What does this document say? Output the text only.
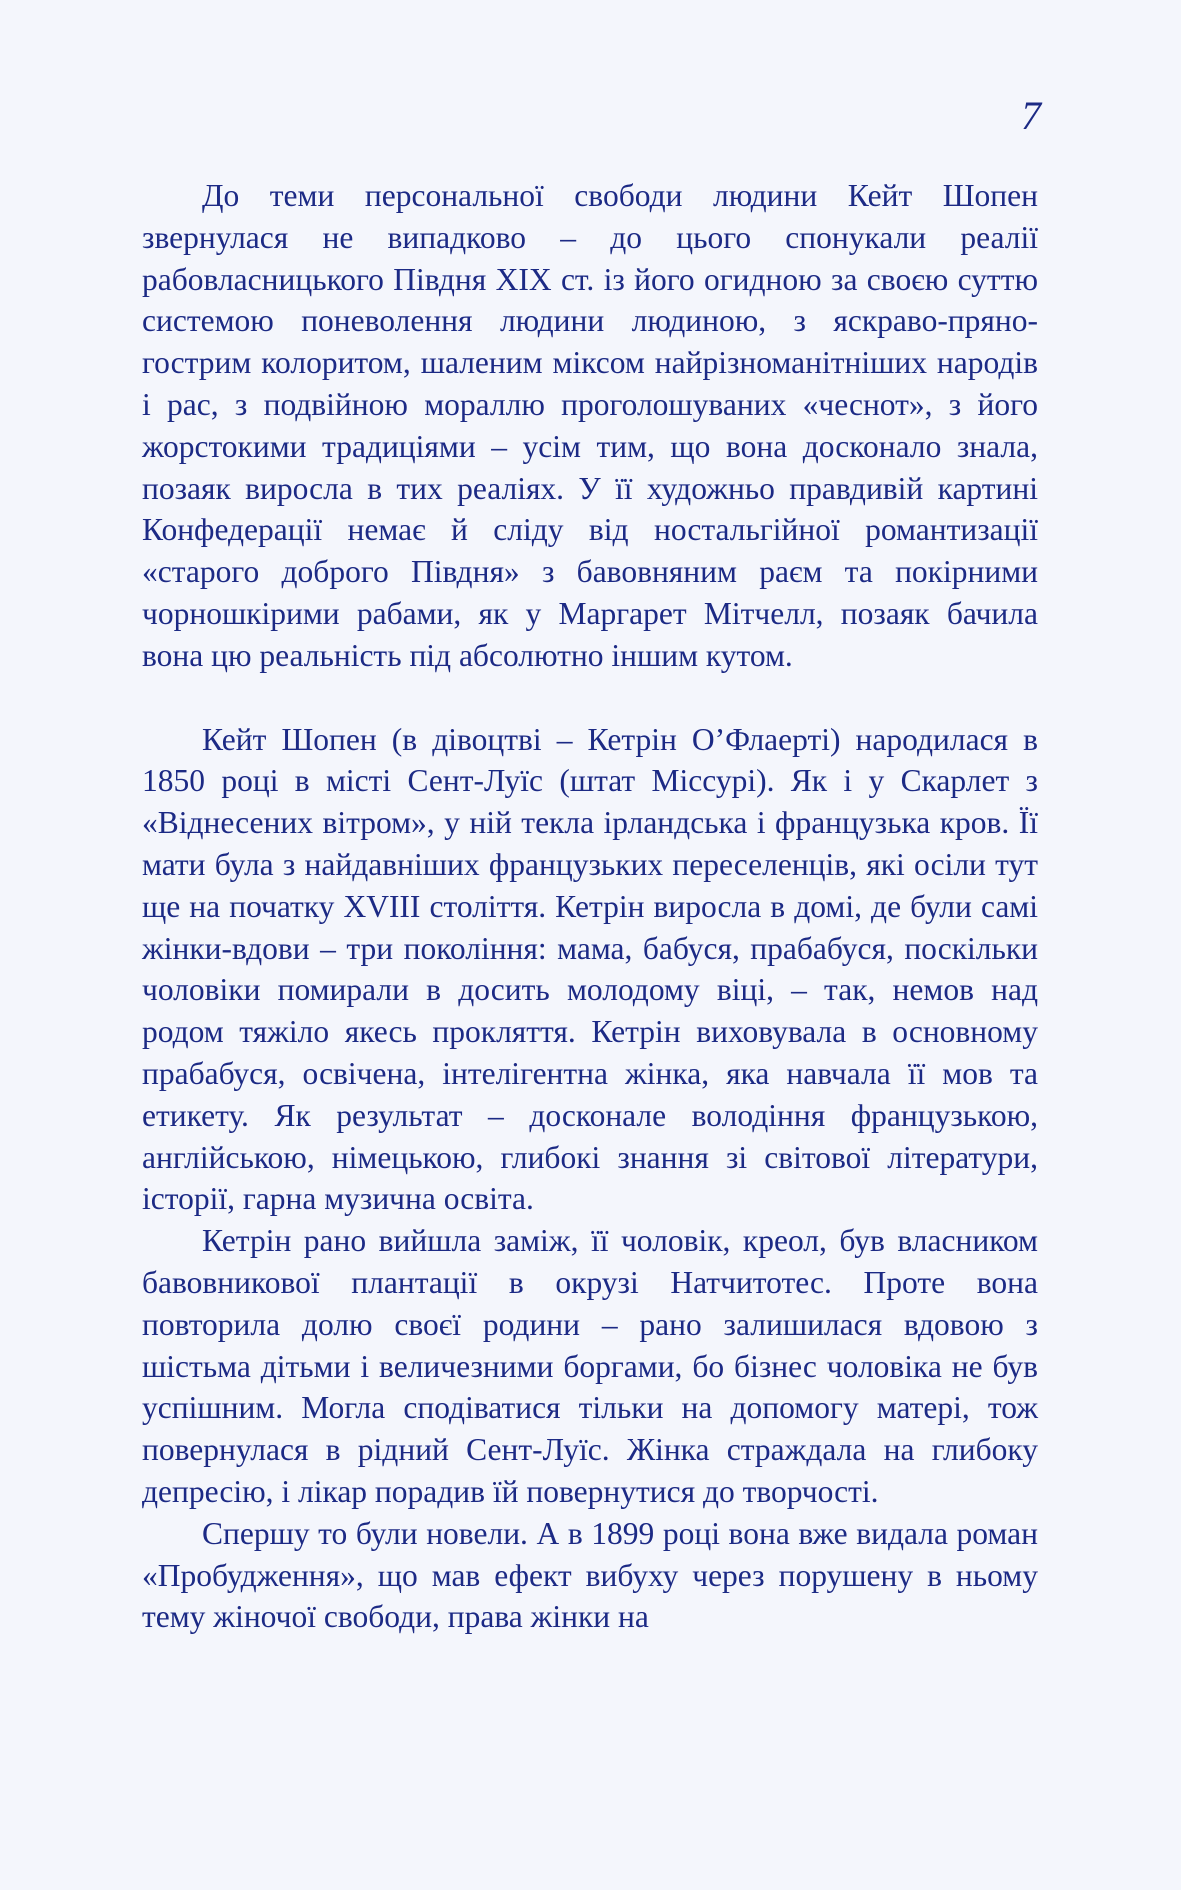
7

До теми персональної свободи людини Кейт Шопен звернулася не випадково – до цього спонукали реалії рабовласницького Півдня XIX ст. із його огидною за своєю суттю системою поневолення людини людиною, з яскраво-пряно-гострим колоритом, шаленим міксом найрізноманітніших народів і рас, з подвійною мораллю проголошуваних «чеснот», з його жорстокими традиціями – усім тим, що вона досконало знала, позаяк виросла в тих реаліях. У її художньо правдивій картині Конфедерації немає й сліду від ностальгійної романтизації «старого доброго Півдня» з бавовняним раєм та покірними чорношкірими рабами, як у Маргарет Мітчелл, позаяк бачила вона цю реальність під абсолютно іншим кутом.

Кейт Шопен (в дівоцтві – Кетрін О’Флаерті) народилася в 1850 році в місті Сент-Луїс (штат Міссурі). Як і у Скарлет з «Віднесених вітром», у ній текла ірландська і французька кров. Її мати була з найдавніших французьких переселенців, які осіли тут ще на початку XVIII століття. Кетрін виросла в домі, де були самі жінки-вдови – три покоління: мама, бабуся, прабабуся, поскільки чоловіки помирали в досить молодому віці, – так, немов над родом тяжіло якесь прокляття. Кетрін виховувала в основному прабабуся, освічена, інтелігентна жінка, яка навчала її мов та етикету. Як результат – досконале володіння французькою, англійською, німецькою, глибокі знання зі світової літератури, історії, гарна музична освіта.

Кетрін рано вийшла заміж, її чоловік, креол, був власником бавовникової плантації в окрузі Натчитотес. Проте вона повторила долю своєї родини – рано залишилася вдовою з шістьма дітьми і величезними боргами, бо бізнес чоловіка не був успішним. Могла сподіватися тільки на допомогу матері, тож повернулася в рідний Сент-Луїс. Жінка страждала на глибоку депресію, і лікар порадив їй повернутися до творчості.

Спершу то були новели. А в 1899 році вона вже видала роман «Пробудження», що мав ефект вибуху через порушену в ньому тему жіночої свободи, права жінки на
